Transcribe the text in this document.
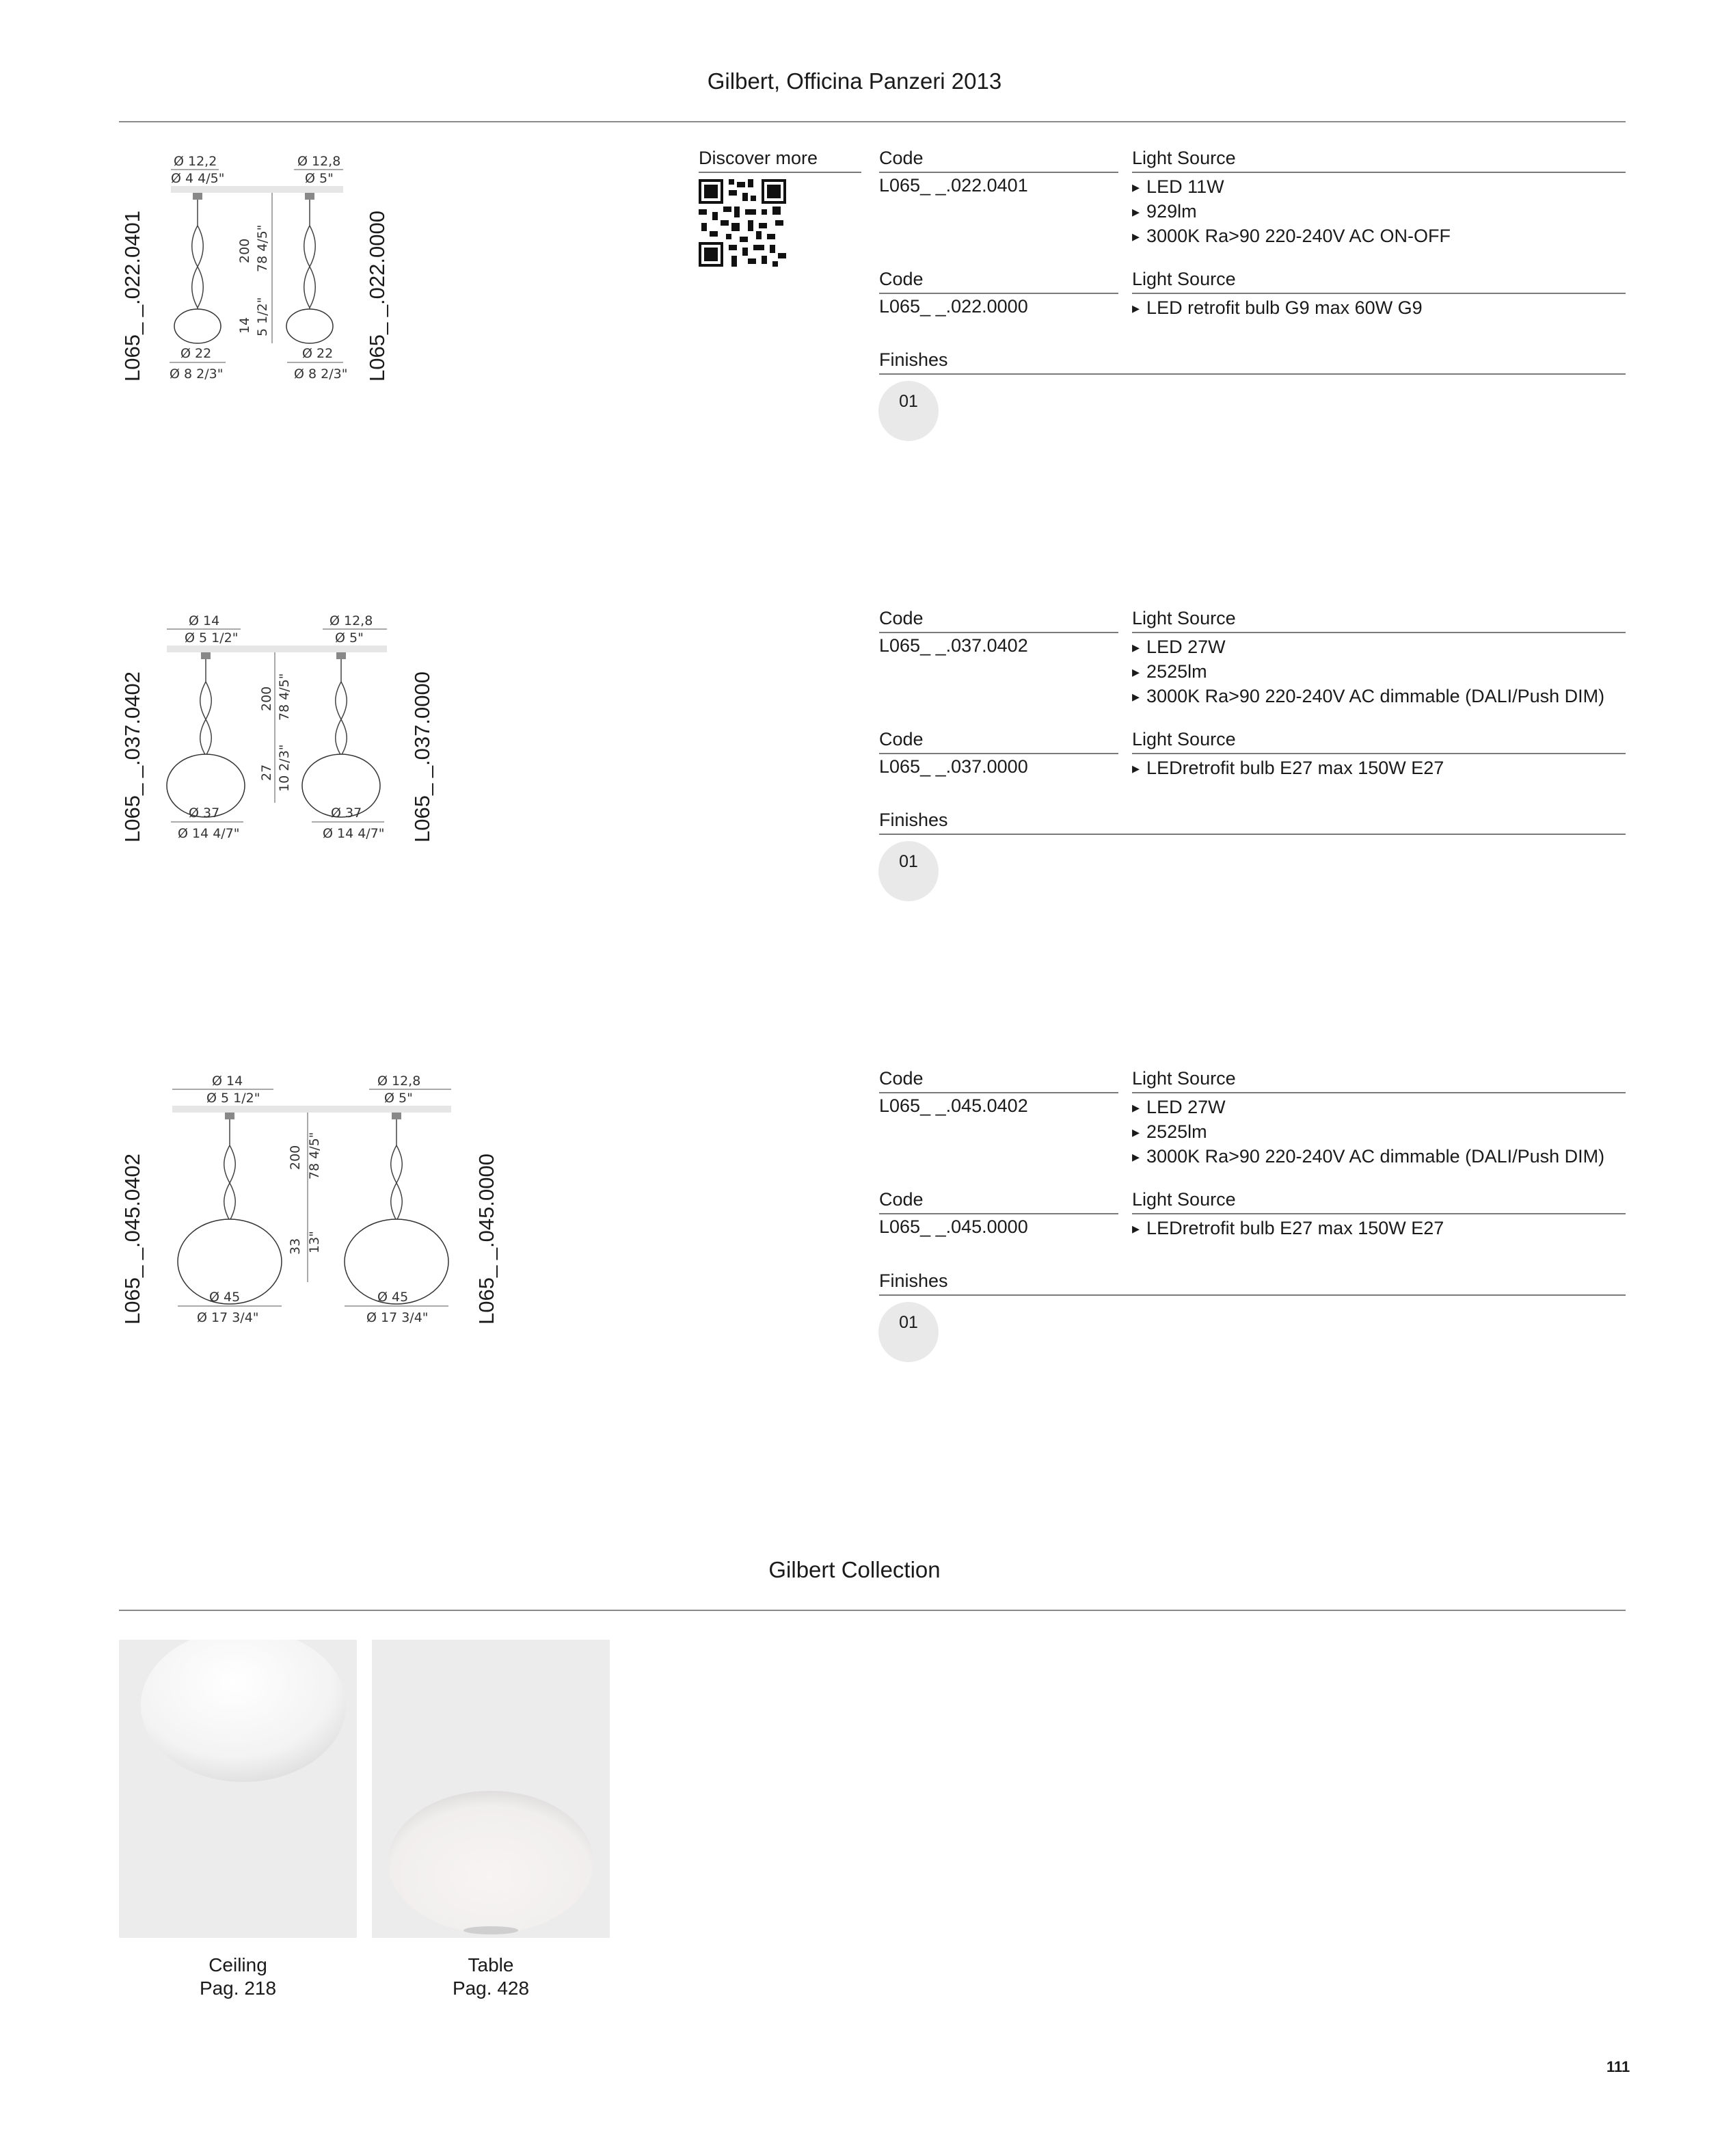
Gilbert, Officina Panzeri 2013
Discover more
L065_ _.022.0401	L065_ _.022.0000
Ø 12,2
Ø 4 4/5"
Ø 12,8
Ø 5"
200 78 4/5"
14 5 1/2"
Ø 22
Ø 8 2/3"
Ø 22
Ø 8 2/3"
Code	Light Source
L065_ _.022.0401	▸ LED 11W
▸ 929lm
▸ 3000K Ra>90 220-240V AC ON-OFF
Code	Light Source
L065_ _.022.0000	▸ LED retrofit bulb G9 max 60W G9
Finishes
01
L065_ _.037.0402	L065_ _.037.0000
Ø 14
Ø 5 1/2"
Ø 12,8
Ø 5"
200 78 4/5"
27 10 2/3"
Ø 37
Ø 14 4/7"
Ø 37
Ø 14 4/7"
Code	Light Source
L065_ _.037.0402	▸ LED 27W
▸ 2525lm
▸ 3000K Ra>90 220-240V AC dimmable (DALI/Push DIM)
Code	Light Source
L065_ _.037.0000	▸ LEDretrofit bulb E27 max 150W E27
Finishes
01
L065_ _.045.0402	L065_ _.045.0000
Ø 14
Ø 5 1/2"
Ø 12,8
Ø 5"
200 78 4/5"
33 13"
Ø 45
Ø 17 3/4"
Ø 45
Ø 17 3/4"
Code	Light Source
L065_ _.045.0402	▸ LED 27W
▸ 2525lm
▸ 3000K Ra>90 220-240V AC dimmable (DALI/Push DIM)
Code	Light Source
L065_ _.045.0000	▸ LEDretrofit bulb E27 max 150W E27
Finishes
01
Gilbert Collection
Ceiling
Pag. 218
Table
Pag. 428
111
